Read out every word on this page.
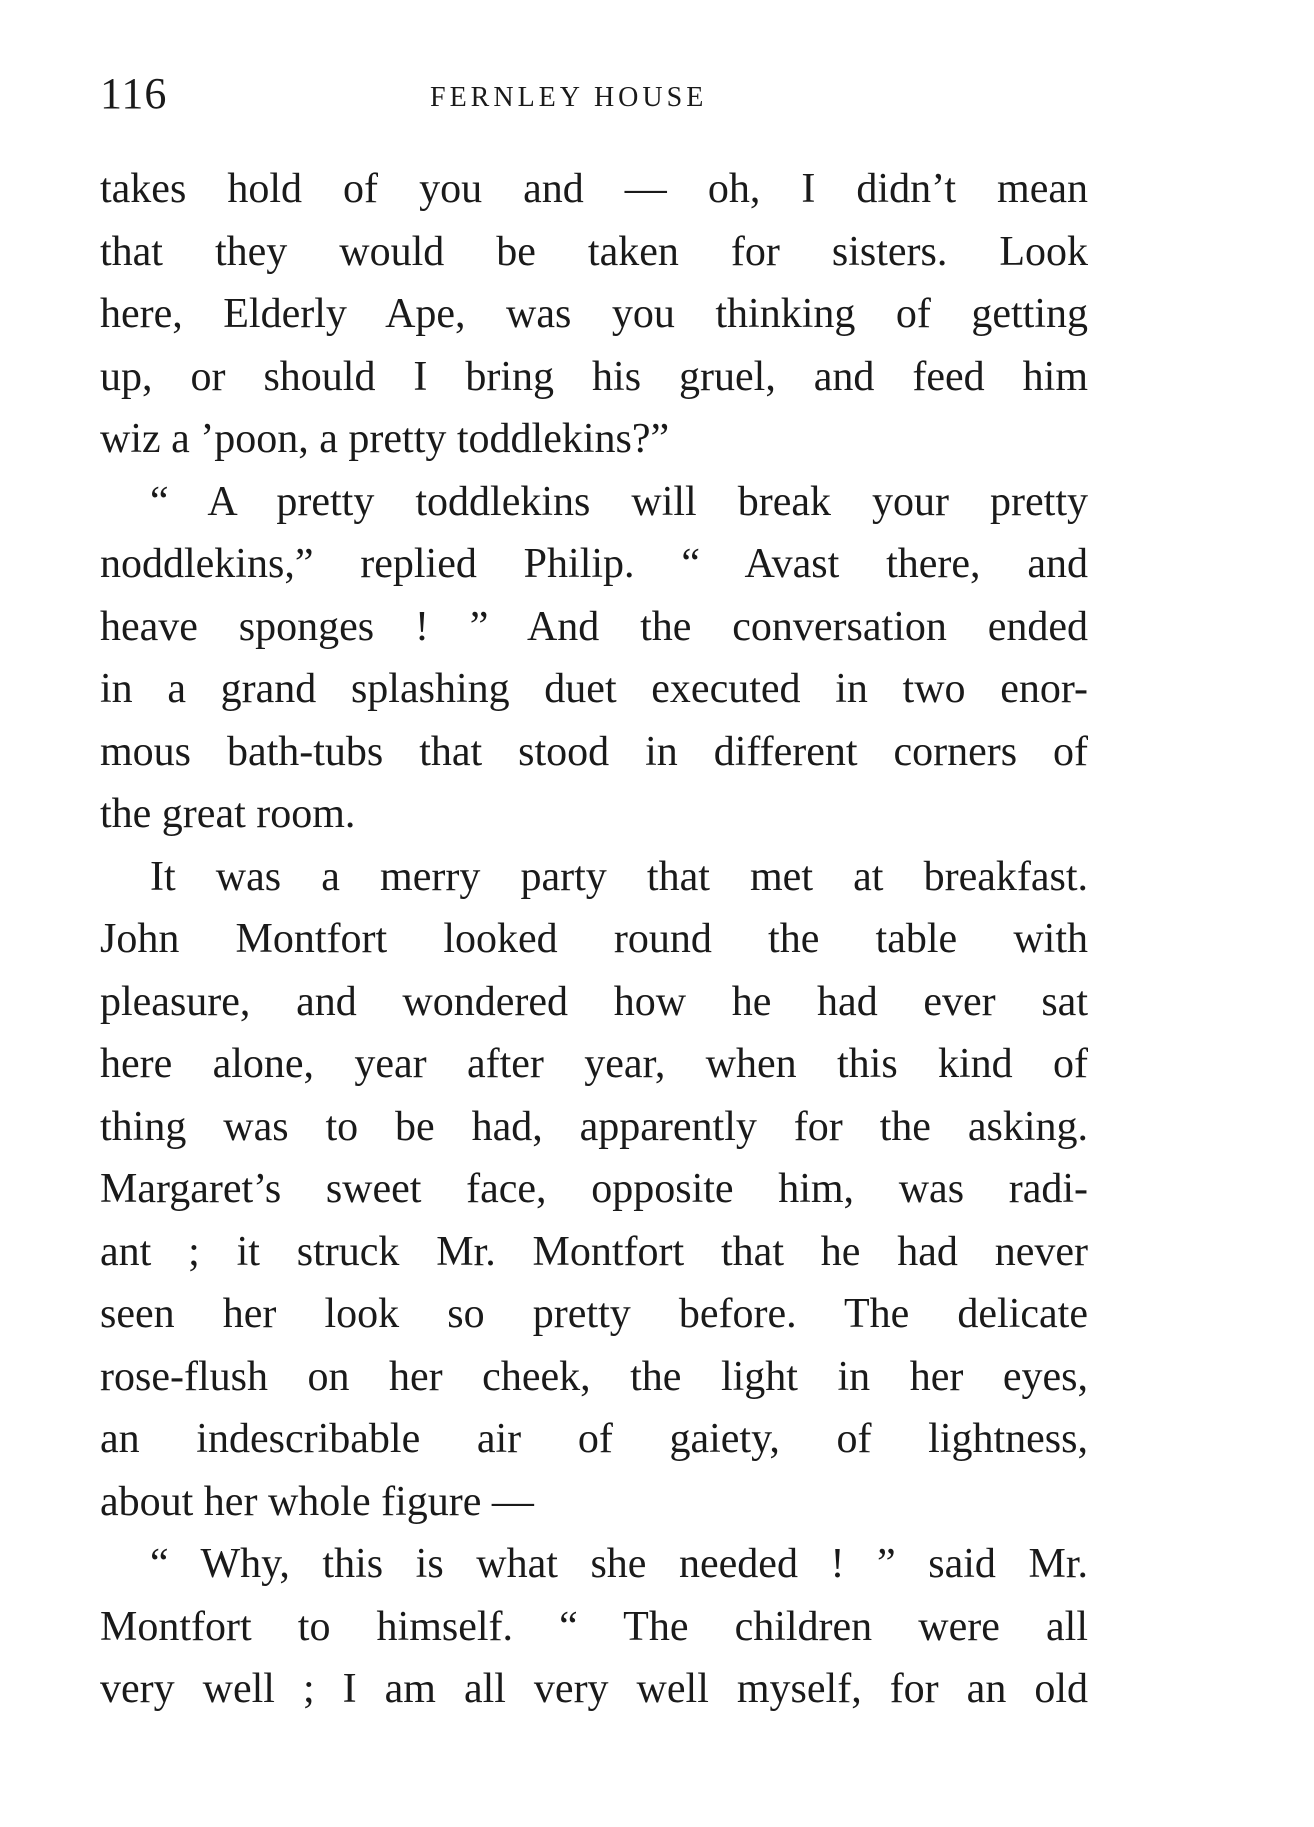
116	FERNLEY HOUSE
takes hold of you and — oh, I didn’t mean
that they would be taken for sisters. Look
here, Elderly Ape, was you thinking of getting
up, or should I bring his gruel, and feed him
wiz a ’poon, a pretty toddlekins?”
“ A pretty toddlekins will break your pretty
noddlekins,” replied Philip. “ Avast there, and
heave sponges ! ” And the conversation ended
in a grand splashing duet executed in two enor-
mous bath-tubs that stood in different corners of
the great room.
It was a merry party that met at breakfast.
John Montfort looked round the table with
pleasure, and wondered how he had ever sat
here alone, year after year, when this kind of
thing was to be had, apparently for the asking.
Margaret’s sweet face, opposite him, was radi-
ant ; it struck Mr. Montfort that he had never
seen her look so pretty before. The delicate
rose-flush on her cheek, the light in her eyes,
an indescribable air of gaiety, of lightness,
about her whole figure —
“ Why, this is what she needed ! ” said Mr.
Montfort to himself. “ The children were all
very well ; I am all very well myself, for an old
